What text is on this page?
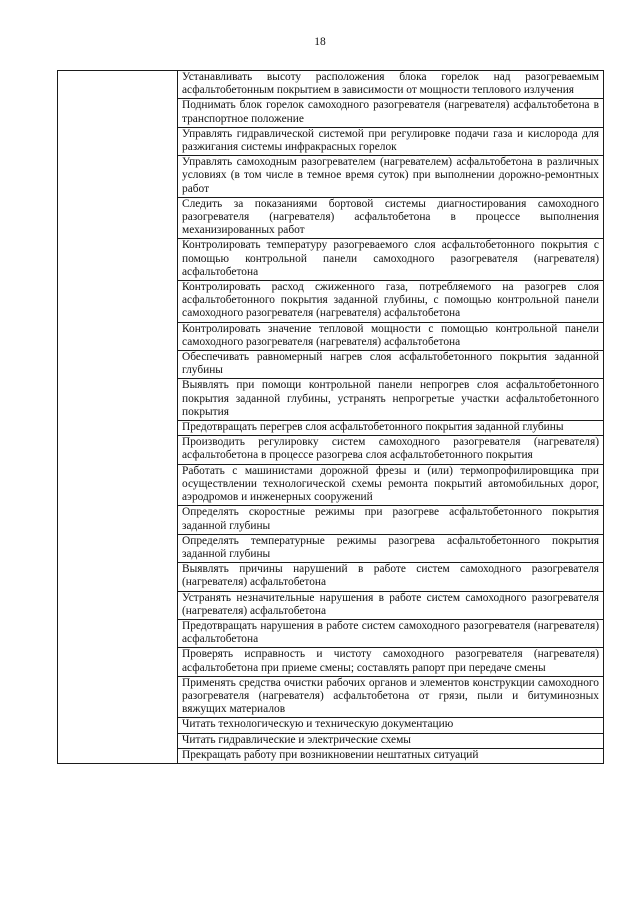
18
	Устанавливать высоту расположения блока горелок над разогреваемым асфальтобетонным покрытием в зависимости от мощности теплового излучения
Поднимать блок горелок самоходного разогревателя (нагревателя) асфальтобетона в транспортное положение
Управлять гидравлической системой при регулировке подачи газа и кислорода для разжигания системы инфракрасных горелок
Управлять самоходным разогревателем (нагревателем) асфальтобетона в различных условиях (в том числе в темное время суток) при выполнении дорожно-ремонтных работ
Следить за показаниями бортовой системы диагностирования самоходного разогревателя (нагревателя) асфальтобетона в процессе выполнения механизированных работ
Контролировать температуру разогреваемого слоя асфальтобетонного покрытия с помощью контрольной панели самоходного разогревателя (нагревателя) асфальтобетона
Контролировать расход сжиженного газа, потребляемого на разогрев слоя асфальтобетонного покрытия заданной глубины, с помощью контрольной панели самоходного разогревателя (нагревателя) асфальтобетона
Контролировать значение тепловой мощности с помощью контрольной панели самоходного разогревателя (нагревателя) асфальтобетона
Обеспечивать равномерный нагрев слоя асфальтобетонного покрытия заданной глубины
Выявлять при помощи контрольной панели непрогрев слоя асфальтобетонного покрытия заданной глубины, устранять непрогретые участки асфальтобетонного покрытия
Предотвращать перегрев слоя асфальтобетонного покрытия заданной глубины
Производить регулировку систем самоходного разогревателя (нагревателя) асфальтобетона в процессе разогрева слоя асфальтобетонного покрытия
Работать с машинистами дорожной фрезы и (или) термопрофилировщика при осуществлении технологической схемы ремонта покрытий автомобильных дорог, аэродромов и инженерных сооружений
Определять скоростные режимы при разогреве асфальтобетонного покрытия заданной глубины
Определять температурные режимы разогрева асфальтобетонного покрытия заданной глубины
Выявлять причины нарушений в работе систем самоходного разогревателя (нагревателя) асфальтобетона
Устранять незначительные нарушения в работе систем самоходного разогревателя (нагревателя) асфальтобетона
Предотвращать нарушения в работе систем самоходного разогревателя (нагревателя) асфальтобетона
Проверять исправность и чистоту самоходного разогревателя (нагревателя) асфальтобетона при приеме смены; составлять рапорт при передаче смены
Применять средства очистки рабочих органов и элементов конструкции самоходного разогревателя (нагревателя) асфальтобетона от грязи, пыли и битуминозных вяжущих материалов
Читать технологическую и техническую документацию
Читать гидравлические и электрические схемы
Прекращать работу при возникновении нештатных ситуаций
